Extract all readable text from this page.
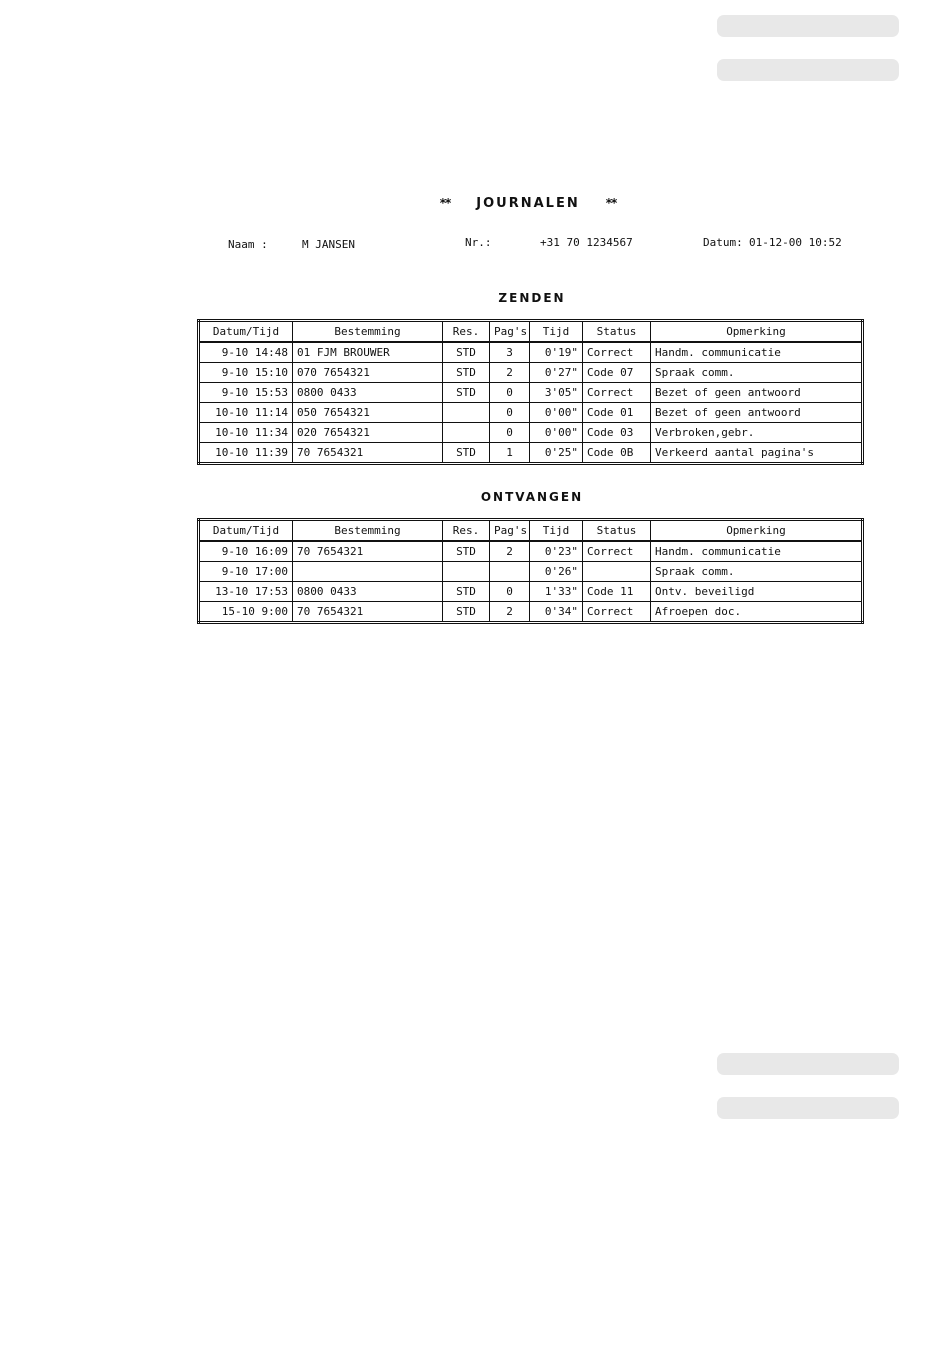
** JOURNALEN **
Naam :	M JANSEN	Nr.:	+31 70 1234567	Datum: 01-12-00 10:52
ZENDEN
Datum/Tijd	Bestemming	Res.	Pag's	Tijd	Status	Opmerking
9-10 14:48	01 FJM BROUWER	STD	3	0'19"	Correct	Handm. communicatie
9-10 15:10	070 7654321	STD	2	0'27"	Code 07	Spraak comm.
9-10 15:53	0800 0433	STD	0	3'05"	Correct	Bezet of geen antwoord
10-10 11:14	050 7654321		0	0'00"	Code 01	Bezet of geen antwoord
10-10 11:34	020 7654321		0	0'00"	Code 03	Verbroken,gebr.
10-10 11:39	70 7654321	STD	1	0'25"	Code 0B	Verkeerd aantal pagina's
ONTVANGEN
Datum/Tijd	Bestemming	Res.	Pag's	Tijd	Status	Opmerking
9-10 16:09	70 7654321	STD	2	0'23"	Correct	Handm. communicatie
9-10 17:00				0'26"		Spraak comm.
13-10 17:53	0800 0433	STD	0	1'33"	Code 11	Ontv. beveiligd
15-10 9:00	70 7654321	STD	2	0'34"	Correct	Afroepen doc.
